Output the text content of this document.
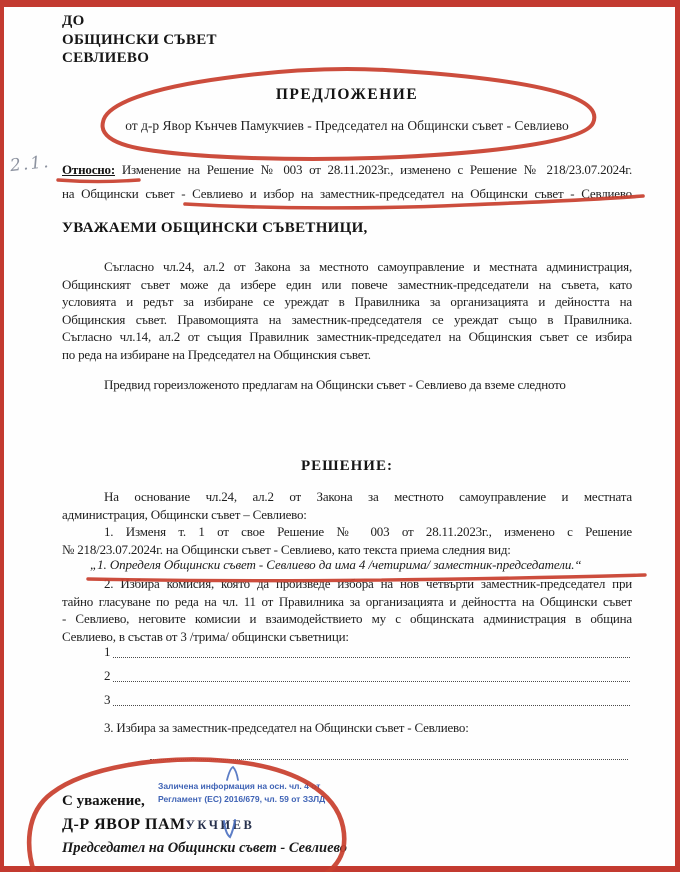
ДО
ОБЩИНСКИ СЪВЕТ
СЕВЛИЕВО
ПРЕДЛОЖЕНИЕ
от д-р Явор Кънчев Памукчиев - Председател на Общински съвет - Севлиево
2.1. Относно: Изменение на Решение № 003 от 28.11.2023г., изменено с Решение № 218/23.07.2024г.
на Общински съвет - Севлиево и избор на заместник-председател на Общински съвет - Севлиево
УВАЖАЕМИ ОБЩИНСКИ СЪВЕТНИЦИ,
Съгласно чл.24, ал.2 от Закона за местното самоуправление и местната администрация,
Общинският съвет може да избере един или повече заместник-председатели на съвета, като
условията и редът за избиране се уреждат в Правилника за организацията и дейността на
Общинския съвет. Правомощията на заместник-председателя се уреждат също в Правилника.
Съгласно чл.14, ал.2 от същия Правилник заместник-председател на Общинския съвет се избира
по реда на избиране на Председател на Общинския съвет.
Предвид гореизложеното предлагам на Общински съвет - Севлиево да вземе следното
РЕШЕНИЕ:
На основание чл.24, ал.2 от Закона за местното самоуправление и местната
администрация, Общински съвет – Севлиево:
1. Изменя т. 1 от свое Решение № 003 от 28.11.2023г., изменено с Решение
№ 218/23.07.2024г. на Общински съвет - Севлиево, като текста приема следния вид:
„1. Определя Общински съвет - Севлиево да има 4 /четирима/ заместник-председатели.“
2. Избира комисия, която да произведе избора на нов четвърти заместник-председател при
тайно гласуване по реда на чл. 11 от Правилника за организацията и дейността на Общински съвет
- Севлиево, неговите комисии и взаимодействието му с общинската администрация в община
Севлиево, в състав от 3 /трима/ общински съветници:
1
2
3
3. Избира за заместник-председател на Общински съвет - Севлиево:
Заличена информация на осн. чл. 4 от
Регламент (ЕС) 2016/679, чл. 59 от ЗЗЛД
С уважение,
Д-Р ЯВОР ПАМУКЧИЕВ
Председател на Общински съвет - Севлиево
